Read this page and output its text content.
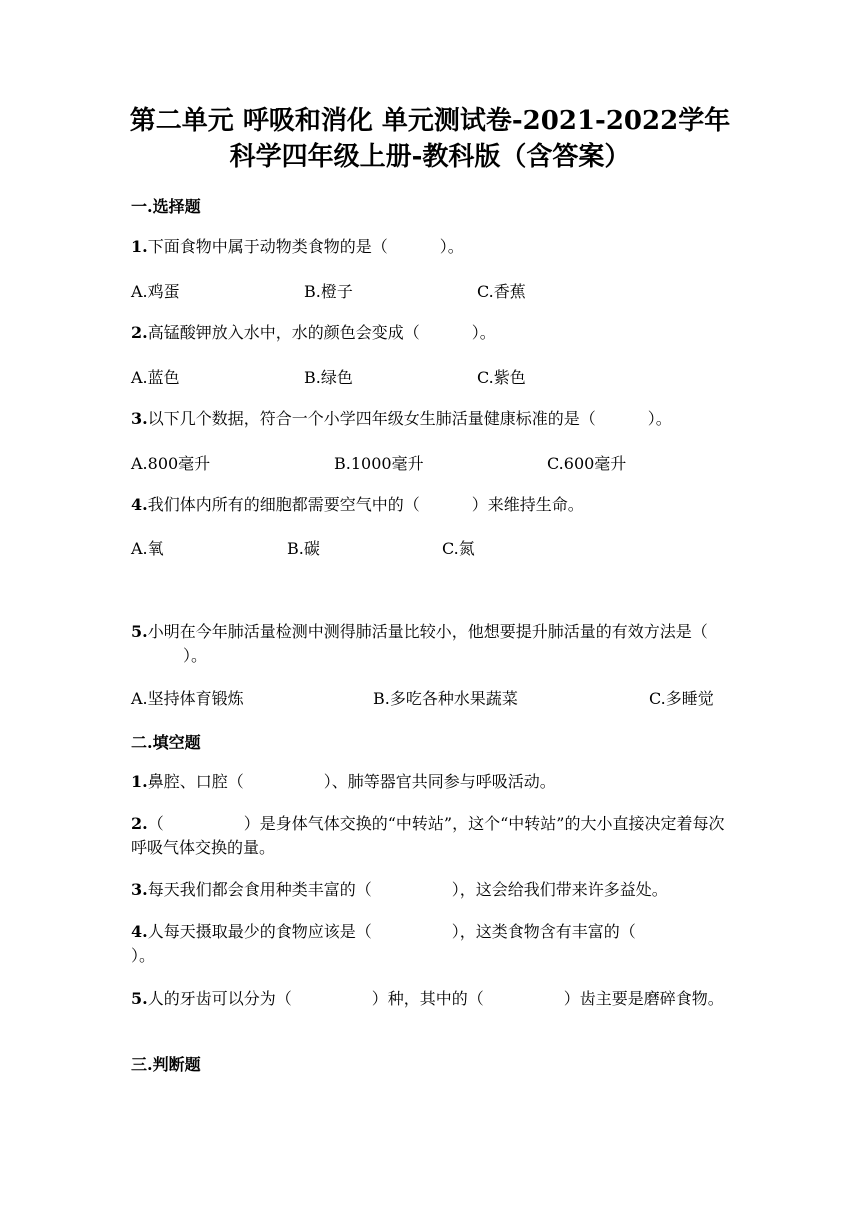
第二单元 呼吸和消化 单元测试卷-2021-2022学年
科学四年级上册-教科版（含答案）
一.选择题
1.下面食物中属于动物类食物的是（	）。
A.鸡蛋	B.橙子	C.香蕉
2.高锰酸钾放入水中，水的颜色会变成（	）。
A.蓝色	B.绿色	C.紫色
3.以下几个数据，符合一个小学四年级女生肺活量健康标准的是（	）。
A.800毫升	B.1000毫升	C.600毫升
4.我们体内所有的细胞都需要空气中的（	）来维持生命。
A.氧	B.碳	C.氮
5.小明在今年肺活量检测中测得肺活量比较小，他想要提升肺活量的有效方法是（）。
A.坚持体育锻炼	B.多吃各种水果蔬菜	C.多睡觉
二.填空题
1.鼻腔、口腔（	）、肺等器官共同参与呼吸活动。
2.（	）是身体气体交换的“中转站”，这个“中转站”的大小直接决定着每次呼吸气体交换的量。
3.每天我们都会食用种类丰富的（	），这会给我们带来许多益处。
4.人每天摄取最少的食物应该是（	），这类食物含有丰富的（）。
5.人的牙齿可以分为（	）种，其中的（	）齿主要是磨碎食物。
三.判断题
